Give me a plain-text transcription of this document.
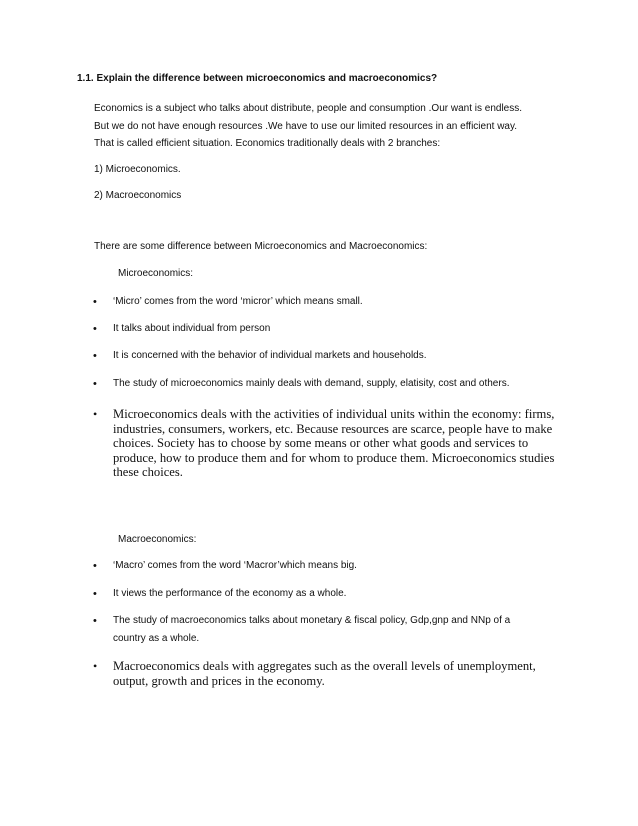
1.1. Explain the difference between microeconomics and macroeconomics?
Economics is a subject who talks about distribute, people and consumption .Our want is endless.
But we do not have enough resources .We have to use our limited resources in an efficient way.
That is called efficient situation. Economics traditionally deals with 2 branches:
1) Microeconomics.
2) Macroeconomics
There are some difference between Microeconomics and Macroeconomics:
Microeconomics:
• ‘Micro’ comes from the word ‘micror’ which means small.
• It talks about individual from person
• It is concerned with the behavior of individual markets and households.
• The study of microeconomics mainly deals with demand, supply, elatisity, cost and others.
• Microeconomics deals with the activities of individual units within the economy: firms, industries, consumers, workers, etc. Because resources are scarce, people have to make choices. Society has to choose by some means or other what goods and services to produce, how to produce them and for whom to produce them. Microeconomics studies these choices.
Macroeconomics:
• ‘Macro’ comes from the word ‘Macror’which means big.
• It views the performance of the economy as a whole.
• The study of macroeconomics talks about monetary & fiscal policy, Gdp,gnp and NNp of a country as a whole.
• Macroeconomics deals with aggregates such as the overall levels of unemployment, output, growth and prices in the economy.
